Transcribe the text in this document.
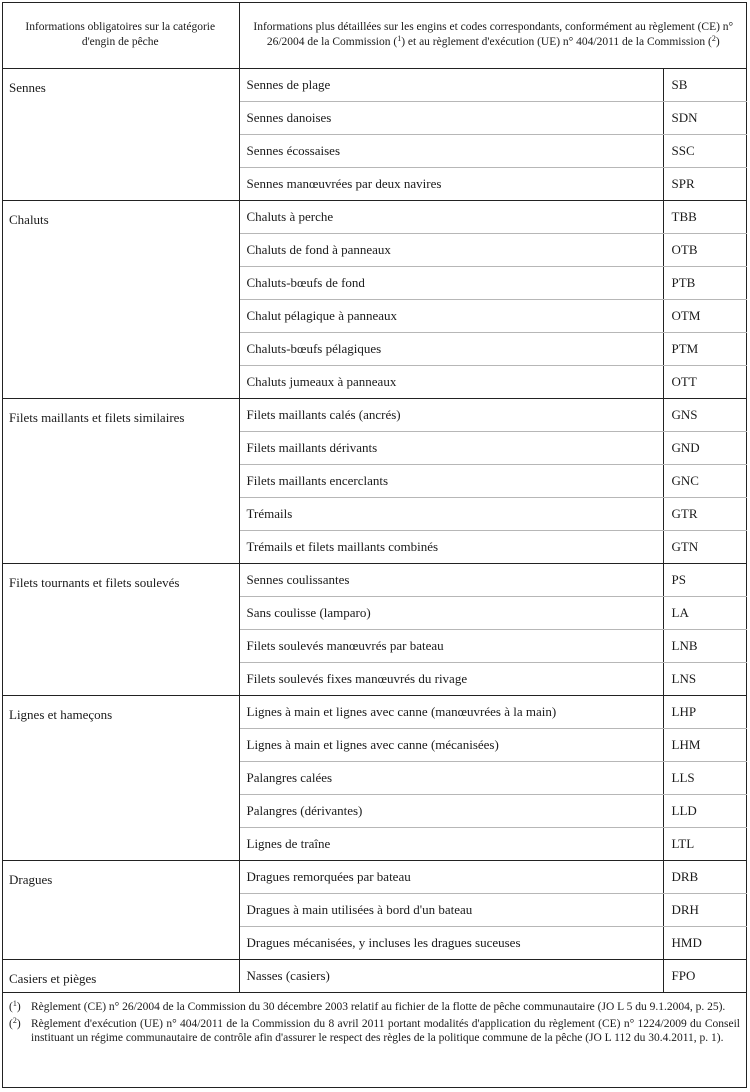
Informations obligatoires sur la catégorie d'engin de pêche	Informations plus détaillées sur les engins et codes correspondants, conformément au règlement (CE) n° 26/2004 de la Commission ($^1$) et au règlement d'exécution (UE) n° 404/2011 de la Commission ($^2$)	
Sennes	Sennes de plage	SB
	Sennes danoises	SDN
	Sennes écossaises	SSC
	Sennes manœuvrées par deux navires	SPR
Chaluts	Chaluts à perche	TBB
	Chaluts de fond à panneaux	OTB
	Chaluts-bœufs de fond	PTB
	Chalut pélagique à panneaux	OTM
	Chaluts-bœufs pélagiques	PTM
	Chaluts jumeaux à panneaux	OTT
Filets maillants et filets similaires	Filets maillants calés (ancrés)	GNS
	Filets maillants dérivants	GND
	Filets maillants encerclants	GNC
	Trémails	GTR
	Trémails et filets maillants combinés	GTN
Filets tournants et filets soulevés	Sennes coulissantes	PS
	Sans coulisse (lamparo)	LA
	Filets soulevés manœuvrés par bateau	LNB
	Filets soulevés fixes manœuvrés du rivage	LNS
Lignes et hameçons	Lignes à main et lignes avec canne (manœuvrées à la main)	LHP
	Lignes à main et lignes avec canne (mécanisées)	LHM
	Palangres calées	LLS
	Palangres (dérivantes)	LLD
	Lignes de traîne	LTL
Dragues	Dragues remorquées par bateau	DRB
	Dragues à main utilisées à bord d'un bateau	DRH
	Dragues mécanisées, y incluses les dragues suceuses	HMD
Casiers et pièges	Nasses (casiers)	FPO
($^1$) Règlement (CE) n° 26/2004 de la Commission du 30 décembre 2003 relatif au fichier de la flotte de pêche communautaire (JO L 5 du 9.1.2004, p. 25).
($^2$) Règlement d'exécution (UE) n° 404/2011 de la Commission du 8 avril 2011 portant modalités d'application du règlement (CE) n° 1224/2009 du Conseil instituant un régime communautaire de contrôle afin d'assurer le respect des règles de la politique commune de la pêche (JO L 112 du 30.4.2011, p. 1).
